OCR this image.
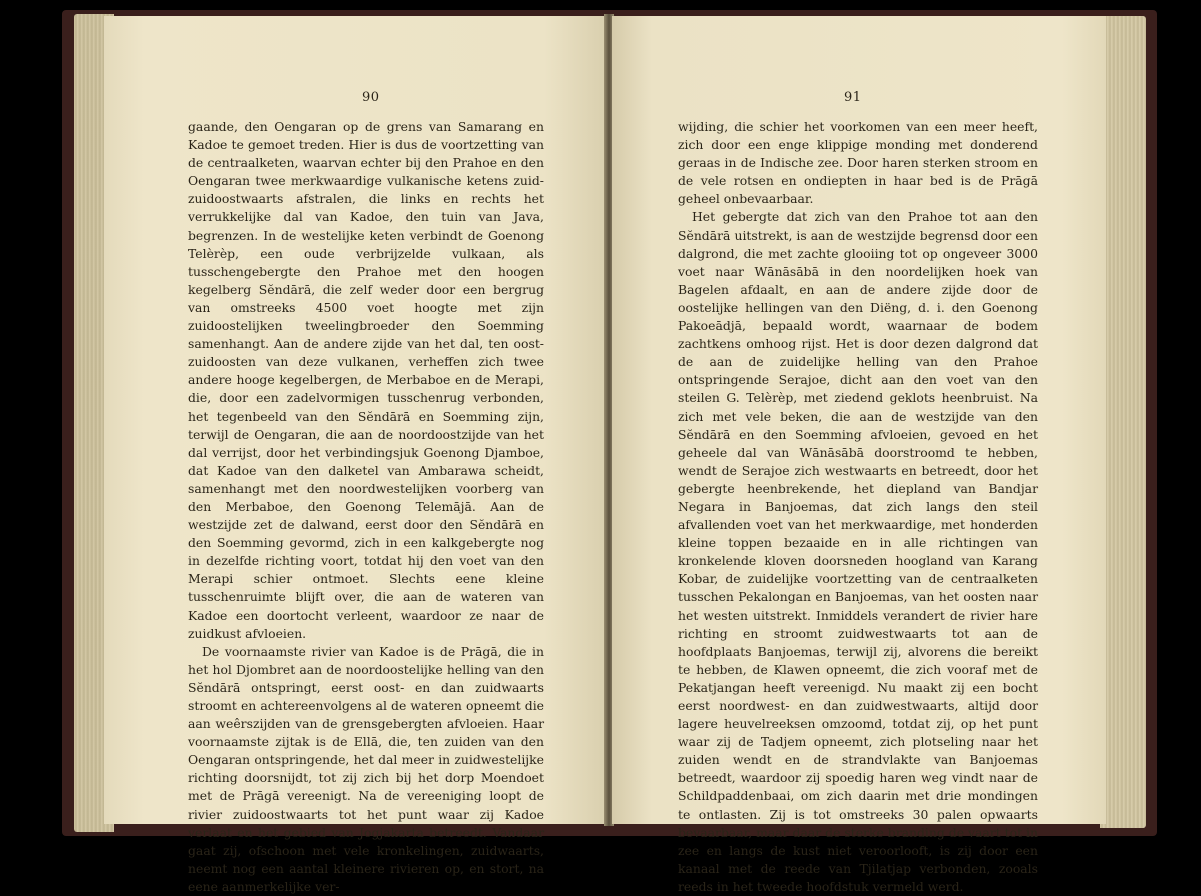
90

gaande, den Oengaran op de grens van Samarang en Kadoe te gemoet treden. Hier is dus de voortzetting van de centraalketen, waarvan echter bij den Prahoe en den Oengaran twee merkwaardige vulkanische ketens zuid-zuidoostwaarts afstralen, die links en rechts het verrukkelijke dal van Kadoe, den tuin van Java, begrenzen. In de westelijke keten verbindt de Goenong Telèrèp, een oude verbrijzelde vulkaan, als tusschengebergte den Prahoe met den hoogen kegelberg Sĕndārā, die zelf weder door een bergrug van omstreeks 4500 voet hoogte met zijn zuidoostelijken tweelingbroeder den Soemming samenhangt. Aan de andere zijde van het dal, ten oost-zuidoosten van deze vulkanen, verheffen zich twee andere hooge kegelbergen, de Merbaboe en de Merapi, die, door een zadelvormigen tusschenrug verbonden, het tegenbeeld van den Sĕndārā en Soemming zijn, terwijl de Oengaran, die aan de noordoostzijde van het dal verrijst, door het verbindingsjuk Goenong Djamboe, dat Kadoe van den dalketel van Ambarawa scheidt, samenhangt met den noordwestelijken voorberg van den Merbaboe, den Goenong Telemājā. Aan de westzijde zet de dalwand, eerst door den Sĕndārā en den Soemming gevormd, zich in een kalkgebergte nog in dezelfde richting voort, totdat hij den voet van den Merapi schier ontmoet. Slechts eene kleine tusschenruimte blijft over, die aan de wateren van Kadoe een doortocht verleent, waardoor ze naar de zuidkust afvloeien.

De voornaamste rivier van Kadoe is de Prāgā, die in het hol Djombret aan de noordoostelijke helling van den Sĕndārā ontspringt, eerst oost- en dan zuidwaarts stroomt en achtereenvolgens al de wateren opneemt die aan weêrszijden van de grensgebergten afvloeien. Haar voornaamste zijtak is de Ellā, die, ten zuiden van den Oengaran ontspringende, het dal meer in zuidwestelijke richting doorsnijdt, tot zij zich bij het dorp Moendoet met de Prāgā vereenigt. Na de vereeniging loopt de rivier zuidoostwaarts tot het punt waar zij Kadoe verlaat en het gebied van Jogjakarta betreedt. Vandaar gaat zij, ofschoon met vele kronkelingen, zuidwaarts, neemt nog een aantal kleinere rivieren op, en stort, na eene aanmerkelijke ver-

91

wijding, die schier het voorkomen van een meer heeft, zich door een enge klippige monding met donderend geraas in de Indische zee. Door haren sterken stroom en de vele rotsen en ondiepten in haar bed is de Prāgā geheel onbevaarbaar.

Het gebergte dat zich van den Prahoe tot aan den Sĕndārā uitstrekt, is aan de westzijde begrensd door een dalgrond, die met zachte glooiing tot op ongeveer 3000 voet naar Wānāsābā in den noordelijken hoek van Bagelen afdaalt, en aan de andere zijde door de oostelijke hellingen van den Diëng, d. i. den Goenong Pakoeādjā, bepaald wordt, waarnaar de bodem zachtkens omhoog rijst. Het is door dezen dalgrond dat de aan de zuidelijke helling van den Prahoe ontspringende Serajoe, dicht aan den voet van den steilen G. Telèrèp, met ziedend geklots heenbruist. Na zich met vele beken, die aan de westzijde van den Sĕndārā en den Soemming afvloeien, gevoed en het geheele dal van Wānāsābā doorstroomd te hebben, wendt de Serajoe zich westwaarts en betreedt, door het gebergte heenbrekende, het diepland van Bandjar Negara in Banjoemas, dat zich langs den steil afvallenden voet van het merkwaardige, met honderden kleine toppen bezaaide en in alle richtingen van kronkelende kloven doorsneden hoogland van Karang Kobar, de zuidelijke voortzetting van de centraalketen tusschen Pekalongan en Banjoemas, van het oosten naar het westen uitstrekt. Inmiddels verandert de rivier hare richting en stroomt zuidwestwaarts tot aan de hoofdplaats Banjoemas, terwijl zij, alvorens die bereikt te hebben, de Klawen opneemt, die zich vooraf met de Pekatjangan heeft vereenigd. Nu maakt zij een bocht eerst noordwest- en dan zuidwestwaarts, altijd door lagere heuvelreeksen omzoomd, totdat zij, op het punt waar zij de Tadjem opneemt, zich plotseling naar het zuiden wendt en de strandvlakte van Banjoemas betreedt, waardoor zij spoedig haren weg vindt naar de Schildpaddenbaai, om zich daarin met drie mondingen te ontlasten. Zij is tot omstreeks 30 palen opwaarts bevaarbaar, maar daar de sterke branding de vaart tot in zee en langs de kust niet veroorlooft, is zij door een kanaal met de reede van Tjilatjap verbonden, zooals reeds in het tweede hoofdstuk vermeld werd.
